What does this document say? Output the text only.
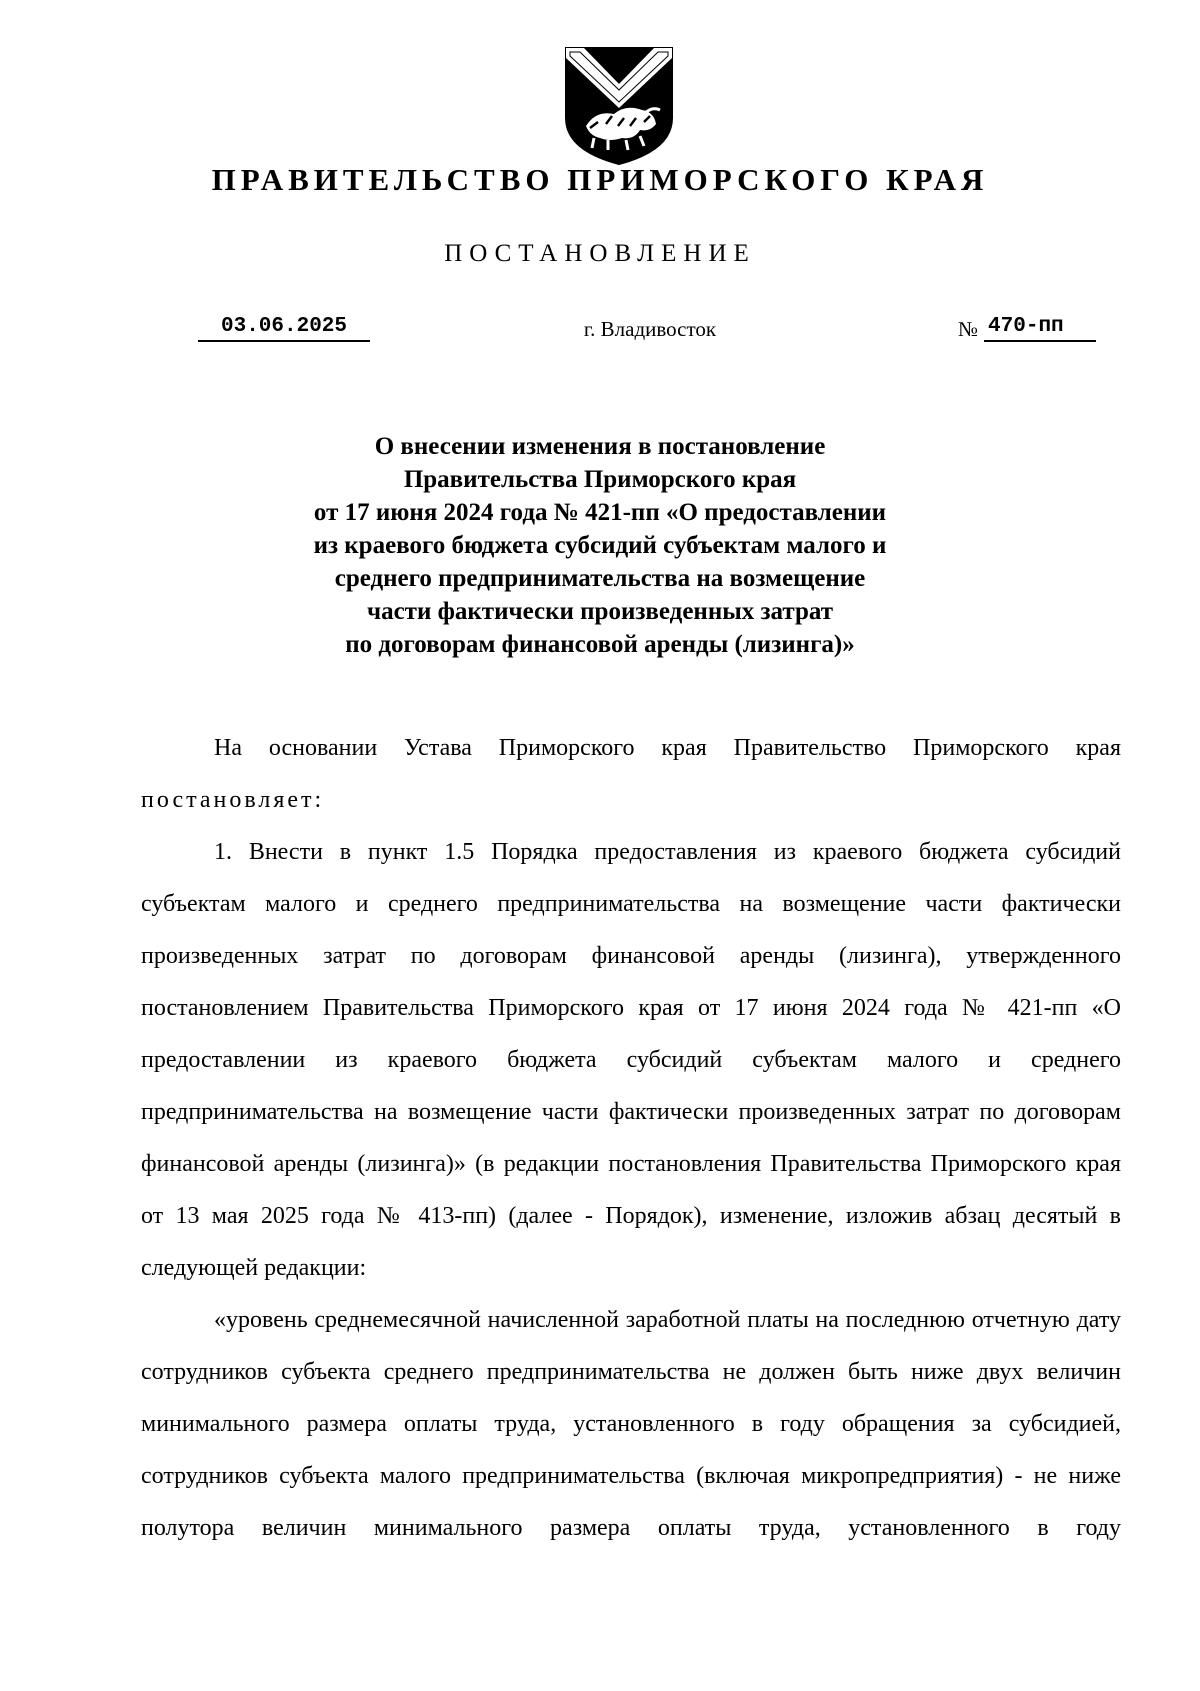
ПРАВИТЕЛЬСТВО ПРИМОРСКОГО КРАЯ
ПОСТАНОВЛЕНИЕ
03.06.2025	г. Владивосток	№ 470-пп
О внесении изменения в постановление
Правительства Приморского края
от 17 июня 2024 года № 421-пп «О предоставлении
из краевого бюджета субсидий субъектам малого и
среднего предпринимательства на возмещение
части фактически произведенных затрат
по договорам финансовой аренды (лизинга)»

На основании Устава Приморского края Правительство Приморского края постановляет:

1. Внести в пункт 1.5 Порядка предоставления из краевого бюджета субсидий субъектам малого и среднего предпринимательства на возмещение части фактически произведенных затрат по договорам финансовой аренды (лизинга), утвержденного постановлением Правительства Приморского края от 17 июня 2024 года № 421-пп «О предоставлении из краевого бюджета субсидий субъектам малого и среднего предпринимательства на возмещение части фактически произведенных затрат по договорам финансовой аренды (лизинга)» (в редакции постановления Правительства Приморского края от 13 мая 2025 года № 413-пп) (далее - Порядок), изменение, изложив абзац десятый в следующей редакции:

«уровень среднемесячной начисленной заработной платы на последнюю отчетную дату сотрудников субъекта среднего предпринимательства не должен быть ниже двух величин минимального размера оплаты труда, установленного в году обращения за субсидией, сотрудников субъекта малого предпринимательства (включая микропредприятия) - не ниже полутора величин минимального размера оплаты труда, установленного в году
